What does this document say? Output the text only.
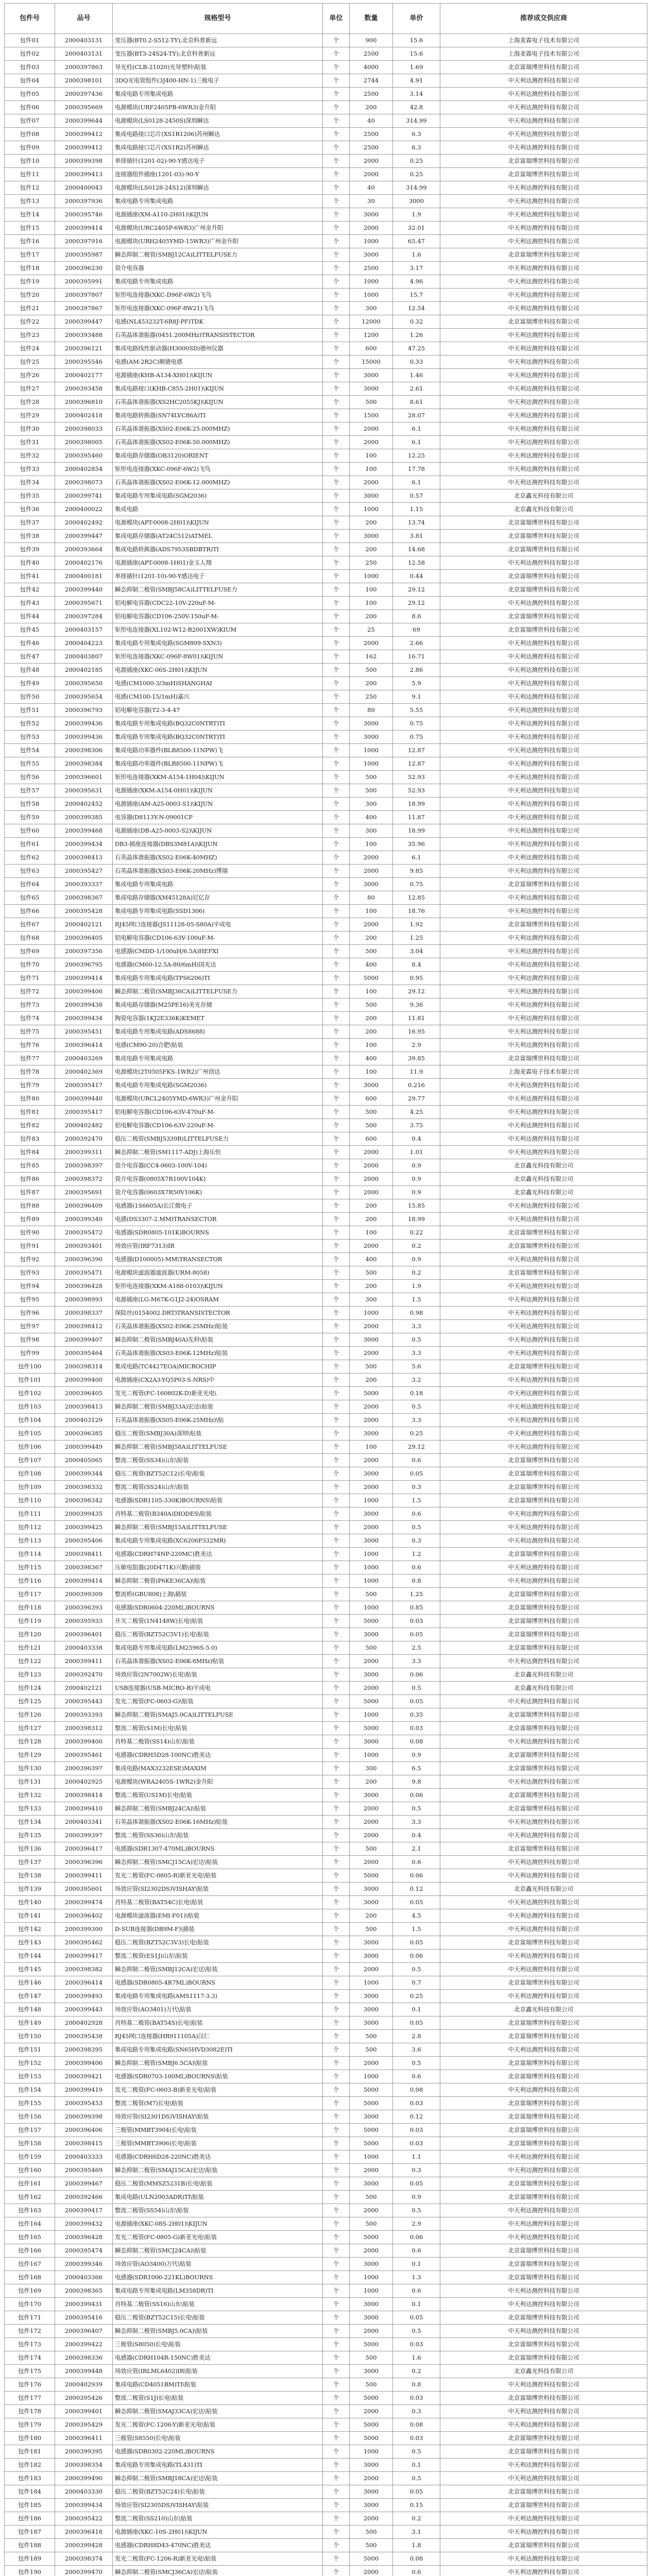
包件号	品号	规格型号	单位	数量	单价	推荐成交供应商
包件01	2000403131	变压器(BT0.2-S512-TY);北京科普新远	个	900	15.6	上海麦霖电子技术有限公司
包件02	2000403131	变压器(BT3-24S24-TY);北京科普新远	个	2500	15.6	上海麦霖电子技术有限公司
包件03	2000397863	导光柱(CLB-21020)光导塑料\贴装	个	4000	1.69	北京富瑞博世科技有限公司
包件04	2000398101	3DQ光电管组件(3J400-HN-1)三极电子	个	2744	4.91	中天利达测控科技有限公司
包件05	2000397436	集成电路专用集成电路	个	2500	3.14	中天利达测控科技有限公司
包件06	2000395669	电源模块(URF2405PB-6WR3)金升阳	个	200	42.8	中天利达测控科技有限公司
包件07	2000399644	电源模块(LS0128-2450S)深圳瞬达	个	40	314.99	中天利达测控科技有限公司
包件08	2000399412	集成电路接口芯片(XS1R1206)苏州瞬达	个	2500	6.3	中天利达测控科技有限公司
包件09	2000399412	集成电路接口芯片(XS1R2)苏州瞬达	个	2500	6.3	中天利达测控科技有限公司
包件10	2000399398	单排插针(1201-02)-90-Y感达电子	个	2000	0.25	北京富瑞博世科技有限公司
包件11	2000399413	连接器组件插座(1201-03)-90-Y	个	2000	0.25	北京富瑞博世科技有限公司
包件12	2000400043	电源模块(LS0128-24S12)深圳瞬达	个	40	314.99	中天利达测控科技有限公司
包件13	2000397936	集成电路专用集成电路	个	30	3000	中天利达测控科技有限公司
包件14	2000395746	电源插座(XM-A110-2H01)\KIJUN	个	3000	1.9	中天利达测控科技有限公司
包件15	2000399414	电源模块(URC2405P-6WR3)广州金升阳	个	2000	32.01	中天利达测控科技有限公司
包件16	2000397916	电源模块(URH2405YMD-15WR3)广州金升阳	个	1000	65.47	中天利达测控科技有限公司
包件17	2000395987	瞬态抑制二极管(SMBJ12CA)LITTELFUSE力	个	3000	1.6	北京富瑞博世科技有限公司
包件18	2000396230	瓷介电容器	个	2500	3.17	中天利达测控科技有限公司
包件19	2000395991	集成电路专用集成电路	个	1000	4.96	中天利达测控科技有限公司
包件20	2000397807	矩形电连接器(XKC-D96F-6W2)飞鸟	个	1000	15.7	中天利达测控科技有限公司
包件21	2000397867	矩形电连接器(XKC-096F-8W21)飞鸟	个	300	12.54	中天利达测控科技有限公司
包件22	2000399447	电感(NL453232T-6R8J-PF)TDK	个	12000	0.32	北京富瑞博世科技有限公司
包件23	2000393488	石英晶体谐振器(0451.200MHz)TRANSISTECTOR	个	1200	1.26	中天利达测控科技有限公司
包件24	2000396121	集成电路线性驱动器(H3000SD)德州仪器	个	600	47.25	中天利达测控科技有限公司
包件25	2000395546	电感(AM-2R2C)顺德电感	个	15000	0.33	中天利达测控科技有限公司
包件26	2000402177	电源插座(KHB-A134-XH01)\KIJUN	个	3000	1.46	中天利达测控科技有限公司
包件27	2000393458	集成电路接口(KHB-C855-2H01)\KIJUN	个	3000	2.61	中天利达测控科技有限公司
包件28	2000396810	石英晶体谐振器(XS2HC2055KJ)\KIJUN	个	500	8.61	中天利达测控科技有限公司
包件29	2000402418	集成电路转换器(SN74LVC86A)TI	个	1500	28.07	中天利达测控科技有限公司
包件30	2000398033	石英晶体谐振器(XS02-E06K-25.000MHZ)	个	2000	6.1	中天利达测控科技有限公司
包件31	2000398005	石英晶体谐振器(XS02-E06K-50.000MHZ)	个	2000	6.1	中天利达测控科技有限公司
包件32	2000395460	集成电路存储器(OB3120)ORIENT	个	100	12.25	中天利达测控科技有限公司
包件33	2000402854	矩形电连接器(XKC-096F-6W2)飞鸟	个	100	17.78	中天利达测控科技有限公司
包件34	2000398073	石英晶体谐振器(XS02-E06K-12.000MHZ)	个	2000	6.1	中天利达测控科技有限公司
包件35	2000399741	集成电路专用集成电路(SGM2036)	个	3000	0.57	北京鑫光科技有限公司
包件36	2000400022	集成电路	个	1000	1.15	北京鑫光科技有限公司
包件37	2000402492	电源模块(APT-0008-2H01)\KIJUN	个	200	13.74	北京富瑞博世科技有限公司
包件38	2000399447	集成电路存储器(AT24C512)ATMEL	个	3000	3.81	北京富瑞博世科技有限公司
包件39	2000393664	集成电路转换器(ADS7953SBDBTR)TI	个	200	14.68	北京富瑞博世科技有限公司
包件40	2000402176	电源插座(APT-0008-1H01)金玉人翔	个	250	12.58	中天利达测控科技有限公司
包件41	2000400181	单排插针(1201-10)-90-Y感达电子	个	1000	0.44	北京富瑞博世科技有限公司
包件42	2000399440	瞬态抑制二极管(SMBJ58CA)LITTELFUSE力	个	100	29.12	北京富瑞博世科技有限公司
包件43	2000395671	铝电解电容器(CDC22-10V-220uF-M-	个	100	29.12	中天利达测控科技有限公司
包件44	2000397284	铝电解电容器(CD106-250V-150uF-M-	个	200	8.6	北京富瑞博世科技有限公司
包件45	2000403157	矩形电连接器(XL102-W12-R2001XW)KIUM	个	25	69	北京富瑞博世科技有限公司
包件46	2000404223	集成电路专用集成电路(SGM809-SXN3)	个	2000	2.66	中天利达测控科技有限公司
包件47	2000403807	矩形电连接器(XKC-096F-8W01)\KIJUN	个	162	16.71	中天利达测控科技有限公司
包件48	2000402185	电源插座(XKC-06S-2H01)\KIJUN	个	500	2.86	中天利达测控科技有限公司
包件49	2000395650	电感(CM1000-3/3mH)SHANGHAI	个	200	5.9	中天利达测控科技有限公司
包件50	2000395654	电感(CM100-15/1mH)嘉兴	个	250	9.1	中天利达测控科技有限公司
包件51	2000396793	铝电解电容器(T2-3-4-47	个	80	5.55	中天利达测控科技有限公司
包件52	2000399436	集成电路专用集成电路(BQ32C0NTRT)TI	个	3000	0.75	中天利达测控科技有限公司
包件53	2000399436	集成电路专用集成电路(BQ32C0NTRT)TI	个	3000	0.75	中天利达测控科技有限公司
包件54	2000398306	集成电路功率器件(BLR8500-11NPW)飞	个	1000	12.87	中天利达测控科技有限公司
包件55	2000398384	集成电路功率器件(BLR8500-11NPW)飞	个	1000	12.87	中天利达测控科技有限公司
包件56	2000396601	矩形电连接器(XKM-A154-1H04)\KIJUN	个	500	52.93	中天利达测控科技有限公司
包件57	2000395631	电源插座(XKM-A154-0H01)\KIJUN	个	500	52.93	中天利达测控科技有限公司
包件58	2000402452	电源插座(AM-A25-0003-S1)\KIJUN	个	300	18.99	中天利达测控科技有限公司
包件59	2000399385	电容器(D8113Y-N-09001CP	个	400	11.87	中天利达测控科技有限公司
包件60	2000399468	电源插座(DB-A25-0003-S2)\KIJUN	个	300	18.99	中天利达测控科技有限公司
包件61	2000399434	DB3-插座连接器(DBS3M81A)\KIJUN	个	100	35.96	中天利达测控科技有限公司
包件62	2000398413	石英晶体谐振器(XS02-E06K-40MHZ)	个	2000	6.1	中天利达测控科技有限公司
包件63	2000395427	石英晶体谐振器(XS03-E06K-20MHz)博瑞	个	2000	9.85	中天利达测控科技有限公司
包件64	2000393337	集成电路专用集成电路	个	3000	0.75	北京富瑞博世科技有限公司
包件65	2000398367	集成电路存储器(XM45128A)尼亿存	个	80	12.85	中天利达测控科技有限公司
包件66	2000395428	集成电路专用集成电路(SSD1306)	个	100	18.76	中天利达测控科技有限公司
包件67	2000402121	RJ45网口连接器(JS11128-05-S80A)宇成电	个	2000	1.92	北京富瑞博世科技有限公司
包件68	2000396405	铝电解电容器(CD106-63V-100uF-M-	个	200	1.25	中天利达测控科技有限公司
包件69	2000397356	电感器(CMDD-1/100uH/6.5A)HEFXI	个	500	3.04	中天利达测控科技有限公司
包件70	2000396795	电感器(CM60-12.5A-80/6mH)国光达	个	400	8.4	中天利达测控科技有限公司
包件71	2000399414	集成电路专用集成电路(TPS6206)TI	个	5000	0.95	中天利达测控科技有限公司
包件72	2000399406	瞬态抑制二极管(SMBJ36CA)LITTELFUSE力	个	100	29.12	中天利达测控科技有限公司
包件73	2000399438	集成电路存储器(M25PE16)美光存储	个	500	9.36	中天利达测控科技有限公司
包件74	2000399434	陶瓷电容器(1KJ2E336K)KEMET	个	200	11.81	中天利达测控科技有限公司
包件75	2000395451	集成电路专用集成电路(ADS8688)	个	200	16.95	中天利达测控科技有限公司
包件76	2000396414	电感(CM90-20)合肥\贴装	个	100	2.9	中天利达测控科技有限公司
包件77	2000403269	集成电路专用集成电路	个	400	39.85	北京富瑞博世科技有限公司
包件78	2000402369	电源模块(2T0505FKS-1WR2)广州创达	个	100	11.9	上海麦霖电子技术有限公司
包件79	2000395417	集成电路专用集成电路(SGM2036)	个	3000	0.216	中天利达测控科技有限公司
包件80	2000399440	电源模块(URCL2405YMD-6WR3)广州金升阳	个	600	29.77	中天利达测控科技有限公司
包件81	2000395417	铝电解电容器(CD106-63V-470uF-M-	个	500	4.25	中天利达测控科技有限公司
包件82	2000402482	铝电解电容器(CD106-63V-220uF-M-	个	500	3.75	中天利达测控科技有限公司
包件83	2000392470	稳压二极管(SMBJ5339B)LITTELFUSE力	个	600	0.4	中天利达测控科技有限公司
包件84	2000399311	瞬态抑制二极管(SM1117-ADJ)上海乐恒	个	2000	1.01	中天利达测控科技有限公司
包件85	2000398397	瓷介电容器(CC4-0603-100V-104)	个	2000	0.9	北京鑫光科技有限公司
包件86	2000398372	瓷介电容器(0805X7R100V104K)	个	2000	0.9	北京鑫光科技有限公司
包件87	2000395691	瓷介电容器(0603X7R50V106K)	个	2000	0.9	北京鑫光科技有限公司
包件88	2000396409	电感器(1S6605A)长江微电子	个	200	15.85	中天利达测控科技有限公司
包件89	2000399340	电感(DS3307-2.MM)TRANSECTOR	个	200	18.99	中天利达测控科技有限公司
包件90	2000395472	电感器(SDR0805-101K)BOURNS	个	100	0.22	北京富瑞博世科技有限公司
包件91	2000393401	场效应管(IRF7313)IR	个	2000	0.2	北京富瑞博世科技有限公司
包件92	2000396390	电感器(D100005)-MM\TRANSECTOR	个	400	0.9	中天利达测控科技有限公司
包件93	2000395471	电源模块滤波器滤波器(URM-8058)	个	500	0.2	北京富瑞博世科技有限公司
包件94	2000396428	矩形电连接器(XKM-A188-0103)\KIJUN	个	200	1.9	中天利达测控科技有限公司
包件95	2000398993	电源插座(LG-M67K-G1J2-24)OSRAM	个	300	1.5	中天利达测控科技有限公司
包件96	2000398337	保险丝(0154002.DRT)TRANSISTECTOR	个	1000	0.98	中天利达测控科技有限公司
包件97	2000398412	石英晶体谐振器(XS02-E06K-25MHz)贴装	个	2000	3.3	中天利达测控科技有限公司
包件98	2000399407	瞬态抑制二极管(SMBJ40A)先科\贴装	个	3000	0.5	中天利达测控科技有限公司
包件99	2000395464	石英晶体谐振器(XS03-E06K-12MHz)贴装	个	2000	3.3	中天利达测控科技有限公司
包件100	2000398314	集成电路(TC4427EOA)MICROCHIP	个	500	5.6	北京富瑞博世科技有限公司
包件101	2000399400	电源插座(CX2A3-YQ5P03-S-NRS)中	个	200	3.2	中天利达测控科技有限公司
包件102	2000396405	发光二极管(FC-160802K-D)新亚光电\	个	5000	0.18	中天利达测控科技有限公司
包件103	2000398413	瞬态抑制二极管(SMBJ33A)宏达\贴装	个	2000	0.5	中天利达测控科技有限公司
包件104	2000403129	石英晶体谐振器(XS05-E06K-25MHz)\贴	个	2000	3.3	中天利达测控科技有限公司
包件105	2000396385	稳压二极管(SMBJ30A)深圳\贴装	个	3000	0.25	中天利达测控科技有限公司
包件106	2000399449	瞬态抑制二极管(SMBJ58A)LITTELFUSE	个	100	29.12	中天利达测控科技有限公司
包件107	2000405065	整流二极管(SS34)山东\贴装	个	2000	0.6	北京富瑞博世科技有限公司
包件108	2000399344	稳压二极管(BZT52C12)长电\贴装	个	3000	0.05	北京富瑞博世科技有限公司
包件109	2000398332	整流二极管(SS24)山东\贴装	个	2000	0.3	北京富瑞博世科技有限公司
包件110	2000398342	电感器(SDR1105-330K)BOURNS\贴装	个	1000	1.5	北京富瑞博世科技有限公司
包件111	2000399435	肖特基二极管(B340A)DIODES\贴装	个	3000	0.6	中天利达测控科技有限公司
包件112	2000399425	瞬态抑制二极管(SMBJ15A)LITTELFUSE	个	2000	0.5	中天利达测控科技有限公司
包件113	2000395406	集成电路专用集成电路(XC6206P332MR)	个	3000	0.3	中天利达测控科技有限公司
包件114	2000398411	电感器(CDRH74NP-220MC)胜美达	个	1000	1.2	北京富瑞博世科技有限公司
包件115	2000398367	压敏电阻器(20D471K)兴勤\插装	个	1000	0.6	中天利达测控科技有限公司
包件116	2000399414	瞬态抑制二极管(P6KE36CA)\贴装	个	1000	0.8	中天利达测控科技有限公司
包件117	2000399309	整流桥(GBU808)上海\插装	个	500	1.25	北京富瑞博世科技有限公司
包件118	2000396393	电感器(SDR0604-220ML)BOURNS	个	1000	0.85	北京富瑞博世科技有限公司
包件119	2000395933	开关二极管(1N4148W)长电\贴装	个	5000	0.03	北京富瑞博世科技有限公司
包件120	2000396401	稳压二极管(BZT52C5V1)长电\贴装	个	3000	0.05	北京富瑞博世科技有限公司
包件121	2000403338	集成电路专用集成电路(LM2596S-5.0)	个	500	2.5	北京富瑞博世科技有限公司
包件122	2000399411	石英晶体谐振器(XS02-E06K-8MHz)贴装	个	2000	3.3	中天利达测控科技有限公司
包件123	2000392470	场效应管(2N7002W)长电\贴装	个	3000	0.06	北京鑫光科技有限公司
包件124	2000402121	USB连接器(USB-MICRO-B)宇成电	个	2000	0.5	北京鑫光科技有限公司
包件125	2000395443	发光二极管(FC-0603-G)\贴装	个	5000	0.05	中天利达测控科技有限公司
包件126	2000393393	瞬态抑制二极管(SMAJ5.0CA)LITTELFUSE	个	1000	0.35	北京富瑞博世科技有限公司
包件127	2000398312	整流二极管(S1M)长电\贴装	个	5000	0.03	北京富瑞博世科技有限公司
包件128	2000399400	肖特基二极管(SS14)山东\贴装	个	3000	0.08	中天利达测控科技有限公司
包件129	2000395461	电感器(CDRH5D28-100NC)胜美达	个	1000	0.9	北京富瑞博世科技有限公司
包件130	2000396397	集成电路(MAX3232ESE)MAXIM	个	300	6.5	北京富瑞博世科技有限公司
包件131	2000402925	电源模块(WRA2405S-1WR2)金升阳	个	200	9.8	中天利达测控科技有限公司
包件132	2000398414	整流二极管(US1M)长电\贴装	个	3000	0.06	北京富瑞博世科技有限公司
包件133	2000399410	瞬态抑制二极管(SMBJ24CA)\贴装	个	2000	0.5	北京富瑞博世科技有限公司
包件134	2000403341	石英晶体谐振器(XS02-E06K-16MHz)贴装	个	2000	3.3	中天利达测控科技有限公司
包件135	2000399397	整流二极管(SS36)山东\贴装	个	2000	0.4	中天利达测控科技有限公司
包件136	2000396417	电感器(SDR1307-470ML)BOURNS	个	500	2.1	北京富瑞博世科技有限公司
包件137	2000396396	瞬态抑制二极管(SMCJ15CA)宏达\贴装	个	2000	0.6	中天利达测控科技有限公司
包件138	2000399411	发光二极管(FC-0805-R)新亚光电\贴装	个	5000	0.06	中天利达测控科技有限公司
包件139	2000395601	场效应管(SI2302DS)VISHAY\贴装	个	3000	0.12	北京鑫光科技有限公司
包件140	2000399474	肖特基二极管(BAT54C)长电\贴装	个	3000	0.05	中天利达测控科技有限公司
包件141	2000396402	电源模块滤波器(EMI-F01)\贴装	个	200	4.5	中天利达测控科技有限公司
包件142	2000399300	D-SUB连接器(DB9M-F)\插装	个	500	1.5	中天利达测控科技有限公司
包件143	2000395462	稳压二极管(BZT52C3V3)长电\贴装	个	3000	0.05	北京富瑞博世科技有限公司
包件144	2000399417	整流二极管(ES1J)山东\贴装	个	3000	0.06	中天利达测控科技有限公司
包件145	2000398382	瞬态抑制二极管(SMBJ12CA)宏达\贴装	个	2000	0.5	中天利达测控科技有限公司
包件146	2000396414	电感器(SDR0805-4R7ML)BOURNS	个	1000	0.7	北京富瑞博世科技有限公司
包件147	2000399493	集成电路专用集成电路(AMS1117-3.3)	个	3000	0.25	中天利达测控科技有限公司
包件148	2000399443	场效应管(AO3401)万代\贴装	个	3000	0.1	北京鑫光科技有限公司
包件149	2000402928	肖特基二极管(BAT54S)长电\贴装	个	3000	0.05	北京富瑞博世科技有限公司
包件150	2000395438	RJ45网口连接器(HR911105A)汉仁	个	500	2.8	北京富瑞博世科技有限公司
包件151	2000398395	集成电路专用集成电路(SN65HVD3082E)TI	个	500	3.6	中天利达测控科技有限公司
包件152	2000399406	瞬态抑制二极管(SMBJ6.5CA)\贴装	个	2000	0.5	北京富瑞博世科技有限公司
包件153	2000399421	电感器(SDR0703-100ML)BOURNS\贴装	个	1000	0.6	北京富瑞博世科技有限公司
包件154	2000399419	发光二极管(FC-0603-B)新亚光电\贴装	个	5000	0.08	中天利达测控科技有限公司
包件155	2000395453	整流二极管(M7)长电\贴装	个	5000	0.03	北京富瑞博世科技有限公司
包件156	2000399398	场效应管(SI2301DS)VISHAY\贴装	个	3000	0.12	北京富瑞博世科技有限公司
包件157	2000396406	三极管(MMBT3904)长电\贴装	个	5000	0.03	北京富瑞博世科技有限公司
包件158	2000398415	三极管(MMBT3906)长电\贴装	个	5000	0.03	北京富瑞博世科技有限公司
包件159	2000403333	电感器(CDRH6D28-220NC)胜美达	个	1000	1.1	中天利达测控科技有限公司
包件160	2000395469	瞬态抑制二极管(SMAJ15CA)宏达\贴装	个	2000	0.3	中天利达测控科技有限公司
包件161	2000399467	稳压二极管(MMSZ5231B)长电\贴装	个	3000	0.05	北京富瑞博世科技有限公司
包件162	2000392466	集成电路(ULN2003ADR)TI\贴装	个	500	0.9	北京富瑞博世科技有限公司
包件163	2000399417	整流二极管(SS54)山东\贴装	个	2000	0.5	中天利达测控科技有限公司
包件164	2000399432	电源插座(XKC-08S-2H01)\KIJUN	个	500	2.9	中天利达测控科技有限公司
包件165	2000396428	发光二极管(FC-0805-G)新亚光电\贴装	个	5000	0.06	中天利达测控科技有限公司
包件166	2000395474	瞬态抑制二极管(SMCJ24CA)\贴装	个	2000	0.6	北京富瑞博世科技有限公司
包件167	2000399346	场效应管(AO3400)万代\贴装	个	3000	0.1	北京富瑞博世科技有限公司
包件168	2000403366	电感器(SDR1006-221KL)BOURNS	个	1000	1.3	北京富瑞博世科技有限公司
包件169	2000398365	集成电路专用集成电路(LM358DR)TI	个	1000	0.6	中天利达测控科技有限公司
包件170	2000399431	肖特基二极管(SS16)山东\贴装	个	3000	0.1	中天利达测控科技有限公司
包件171	2000395416	稳压二极管(BZT52C15)长电\贴装	个	3000	0.05	北京富瑞博世科技有限公司
包件172	2000396407	瞬态抑制二极管(SMBJ5.0CA)\贴装	个	2000	0.5	中天利达测控科技有限公司
包件173	2000399422	三极管(S8050)长电\贴装	个	5000	0.03	北京富瑞博世科技有限公司
包件174	2000398336	电感器(CDRH104R-150NC)胜美达	个	500	1.6	北京富瑞博世科技有限公司
包件175	2000399448	场效应管(IRLML6402)IR\贴装	个	3000	0.2	北京鑫光科技有限公司
包件176	2000402939	集成电路(CD4051BM)TI\贴装	个	500	0.8	中天利达测控科技有限公司
包件177	2000395426	整流二极管(S1J)长电\贴装	个	5000	0.03	北京富瑞博世科技有限公司
包件178	2000399401	瞬态抑制二极管(SMAJ33CA)宏达\贴装	个	2000	0.3	中天利达测控科技有限公司
包件179	2000395429	发光二极管(FC-1206-Y)新亚光电\贴装	个	5000	0.08	中天利达测控科技有限公司
包件180	2000396411	三极管(S8550)长电\贴装	个	5000	0.03	北京富瑞博世科技有限公司
包件181	2000399395	电感器(SDR0302-220ML)BOURNS	个	1000	0.5	北京富瑞博世科技有限公司
包件182	2000398354	集成电路专用集成电路(TL431)TI	个	3000	0.1	中天利达测控科技有限公司
包件183	2000399490	瞬态抑制二极管(SMBJ18CA)宏达\贴装	个	2000	0.5	中天利达测控科技有限公司
包件184	2000403330	稳压二极管(BZT52C24)长电\贴装	个	3000	0.05	北京富瑞博世科技有限公司
包件185	2000399434	场效应管(SI2305DS)VISHAY\贴装	个	3000	0.15	北京富瑞博世科技有限公司
包件186	2000395422	整流二极管(SS210)山东\贴装	个	2000	0.2	中天利达测控科技有限公司
包件187	2000396418	电源插座(XKC-10S-2H01)\KIJUN	个	500	3.1	中天利达测控科技有限公司
包件188	2000399428	电感器(CDRH8D43-470NC)胜美达	个	500	1.8	北京富瑞博世科技有限公司
包件189	2000398374	发光二极管(FC-1206-R)新亚光电\贴装	个	5000	0.08	中天利达测控科技有限公司
包件190	2000399470	瞬态抑制二极管(SMCJ36CA)宏达\贴装	个	2000	0.6	中天利达测控科技有限公司
